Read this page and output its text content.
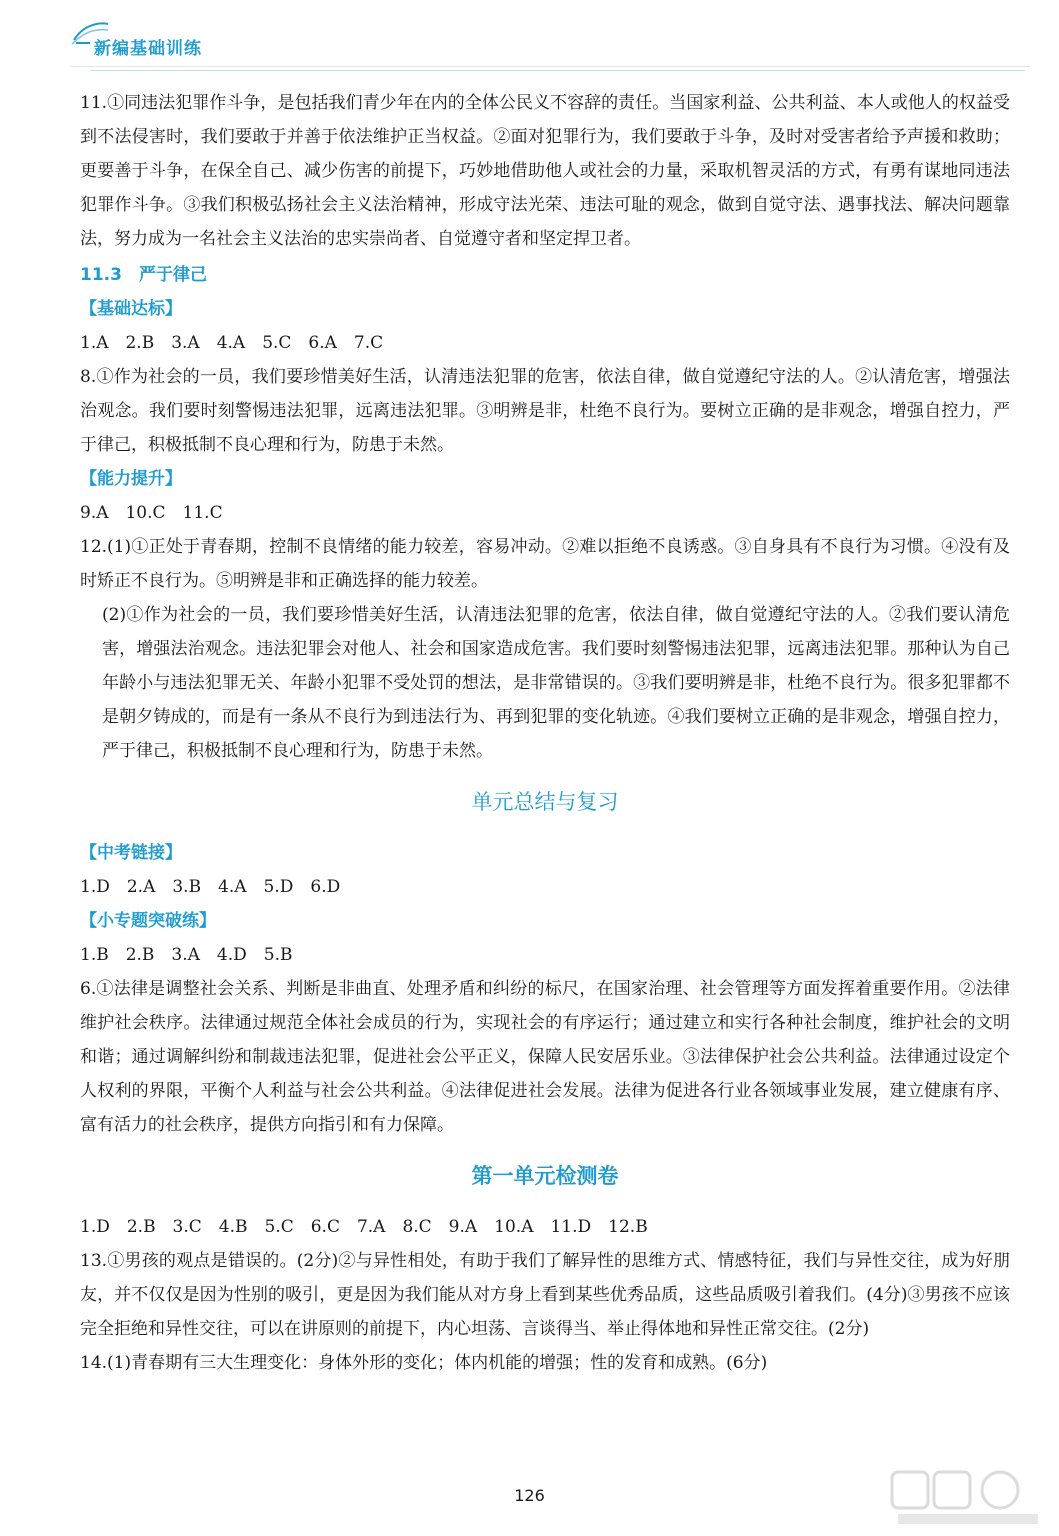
新编基础训练
11.①同违法犯罪作斗争，是包括我们青少年在内的全体公民义不容辞的责任。当国家利益、公共利益、本人或他人的权益受到不法侵害时，我们要敢于并善于依法维护正当权益。②面对犯罪行为，我们要敢于斗争，及时对受害者给予声援和救助；更要善于斗争，在保全自己、减少伤害的前提下，巧妙地借助他人或社会的力量，采取机智灵活的方式，有勇有谋地同违法犯罪作斗争。③我们积极弘扬社会主义法治精神，形成守法光荣、违法可耻的观念，做到自觉守法、遇事找法、解决问题靠法，努力成为一名社会主义法治的忠实崇尚者、自觉遵守者和坚定捍卫者。
11.3　严于律己
【基础达标】
1.A　2.B　3.A　4.A　5.C　6.A　7.C
8.①作为社会的一员，我们要珍惜美好生活，认清违法犯罪的危害，依法自律，做自觉遵纪守法的人。②认清危害，增强法治观念。我们要时刻警惕违法犯罪，远离违法犯罪。③明辨是非，杜绝不良行为。要树立正确的是非观念，增强自控力，严于律己，积极抵制不良心理和行为，防患于未然。
【能力提升】
9.A　10.C　11.C
12.(1)①正处于青春期，控制不良情绪的能力较差，容易冲动。②难以拒绝不良诱惑。③自身具有不良行为习惯。④没有及时矫正不良行为。⑤明辨是非和正确选择的能力较差。
(2)①作为社会的一员，我们要珍惜美好生活，认清违法犯罪的危害，依法自律，做自觉遵纪守法的人。②我们要认清危害，增强法治观念。违法犯罪会对他人、社会和国家造成危害。我们要时刻警惕违法犯罪，远离违法犯罪。那种认为自己年龄小与违法犯罪无关、年龄小犯罪不受处罚的想法，是非常错误的。③我们要明辨是非，杜绝不良行为。很多犯罪都不是朝夕铸成的，而是有一条从不良行为到违法行为、再到犯罪的变化轨迹。④我们要树立正确的是非观念，增强自控力，严于律己，积极抵制不良心理和行为，防患于未然。
单元总结与复习
【中考链接】
1.D　2.A　3.B　4.A　5.D　6.D
【小专题突破练】
1.B　2.B　3.A　4.D　5.B
6.①法律是调整社会关系、判断是非曲直、处理矛盾和纠纷的标尺，在国家治理、社会管理等方面发挥着重要作用。②法律维护社会秩序。法律通过规范全体社会成员的行为，实现社会的有序运行；通过建立和实行各种社会制度，维护社会的文明和谐；通过调解纠纷和制裁违法犯罪，促进社会公平正义，保障人民安居乐业。③法律保护社会公共利益。法律通过设定个人权利的界限，平衡个人利益与社会公共利益。④法律促进社会发展。法律为促进各行业各领域事业发展，建立健康有序、富有活力的社会秩序，提供方向指引和有力保障。
第一单元检测卷
1.D　2.B　3.C　4.B　5.C　6.C　7.A　8.C　9.A　10.A　11.D　12.B
13.①男孩的观点是错误的。(2分)②与异性相处，有助于我们了解异性的思维方式、情感特征，我们与异性交往，成为好朋友，并不仅仅是因为性别的吸引，更是因为我们能从对方身上看到某些优秀品质，这些品质吸引着我们。(4分)③男孩不应该完全拒绝和异性交往，可以在讲原则的前提下，内心坦荡、言谈得当、举止得体地和异性正常交往。(2分)
14.(1)青春期有三大生理变化：身体外形的变化；体内机能的增强；性的发育和成熟。(6分)
126
